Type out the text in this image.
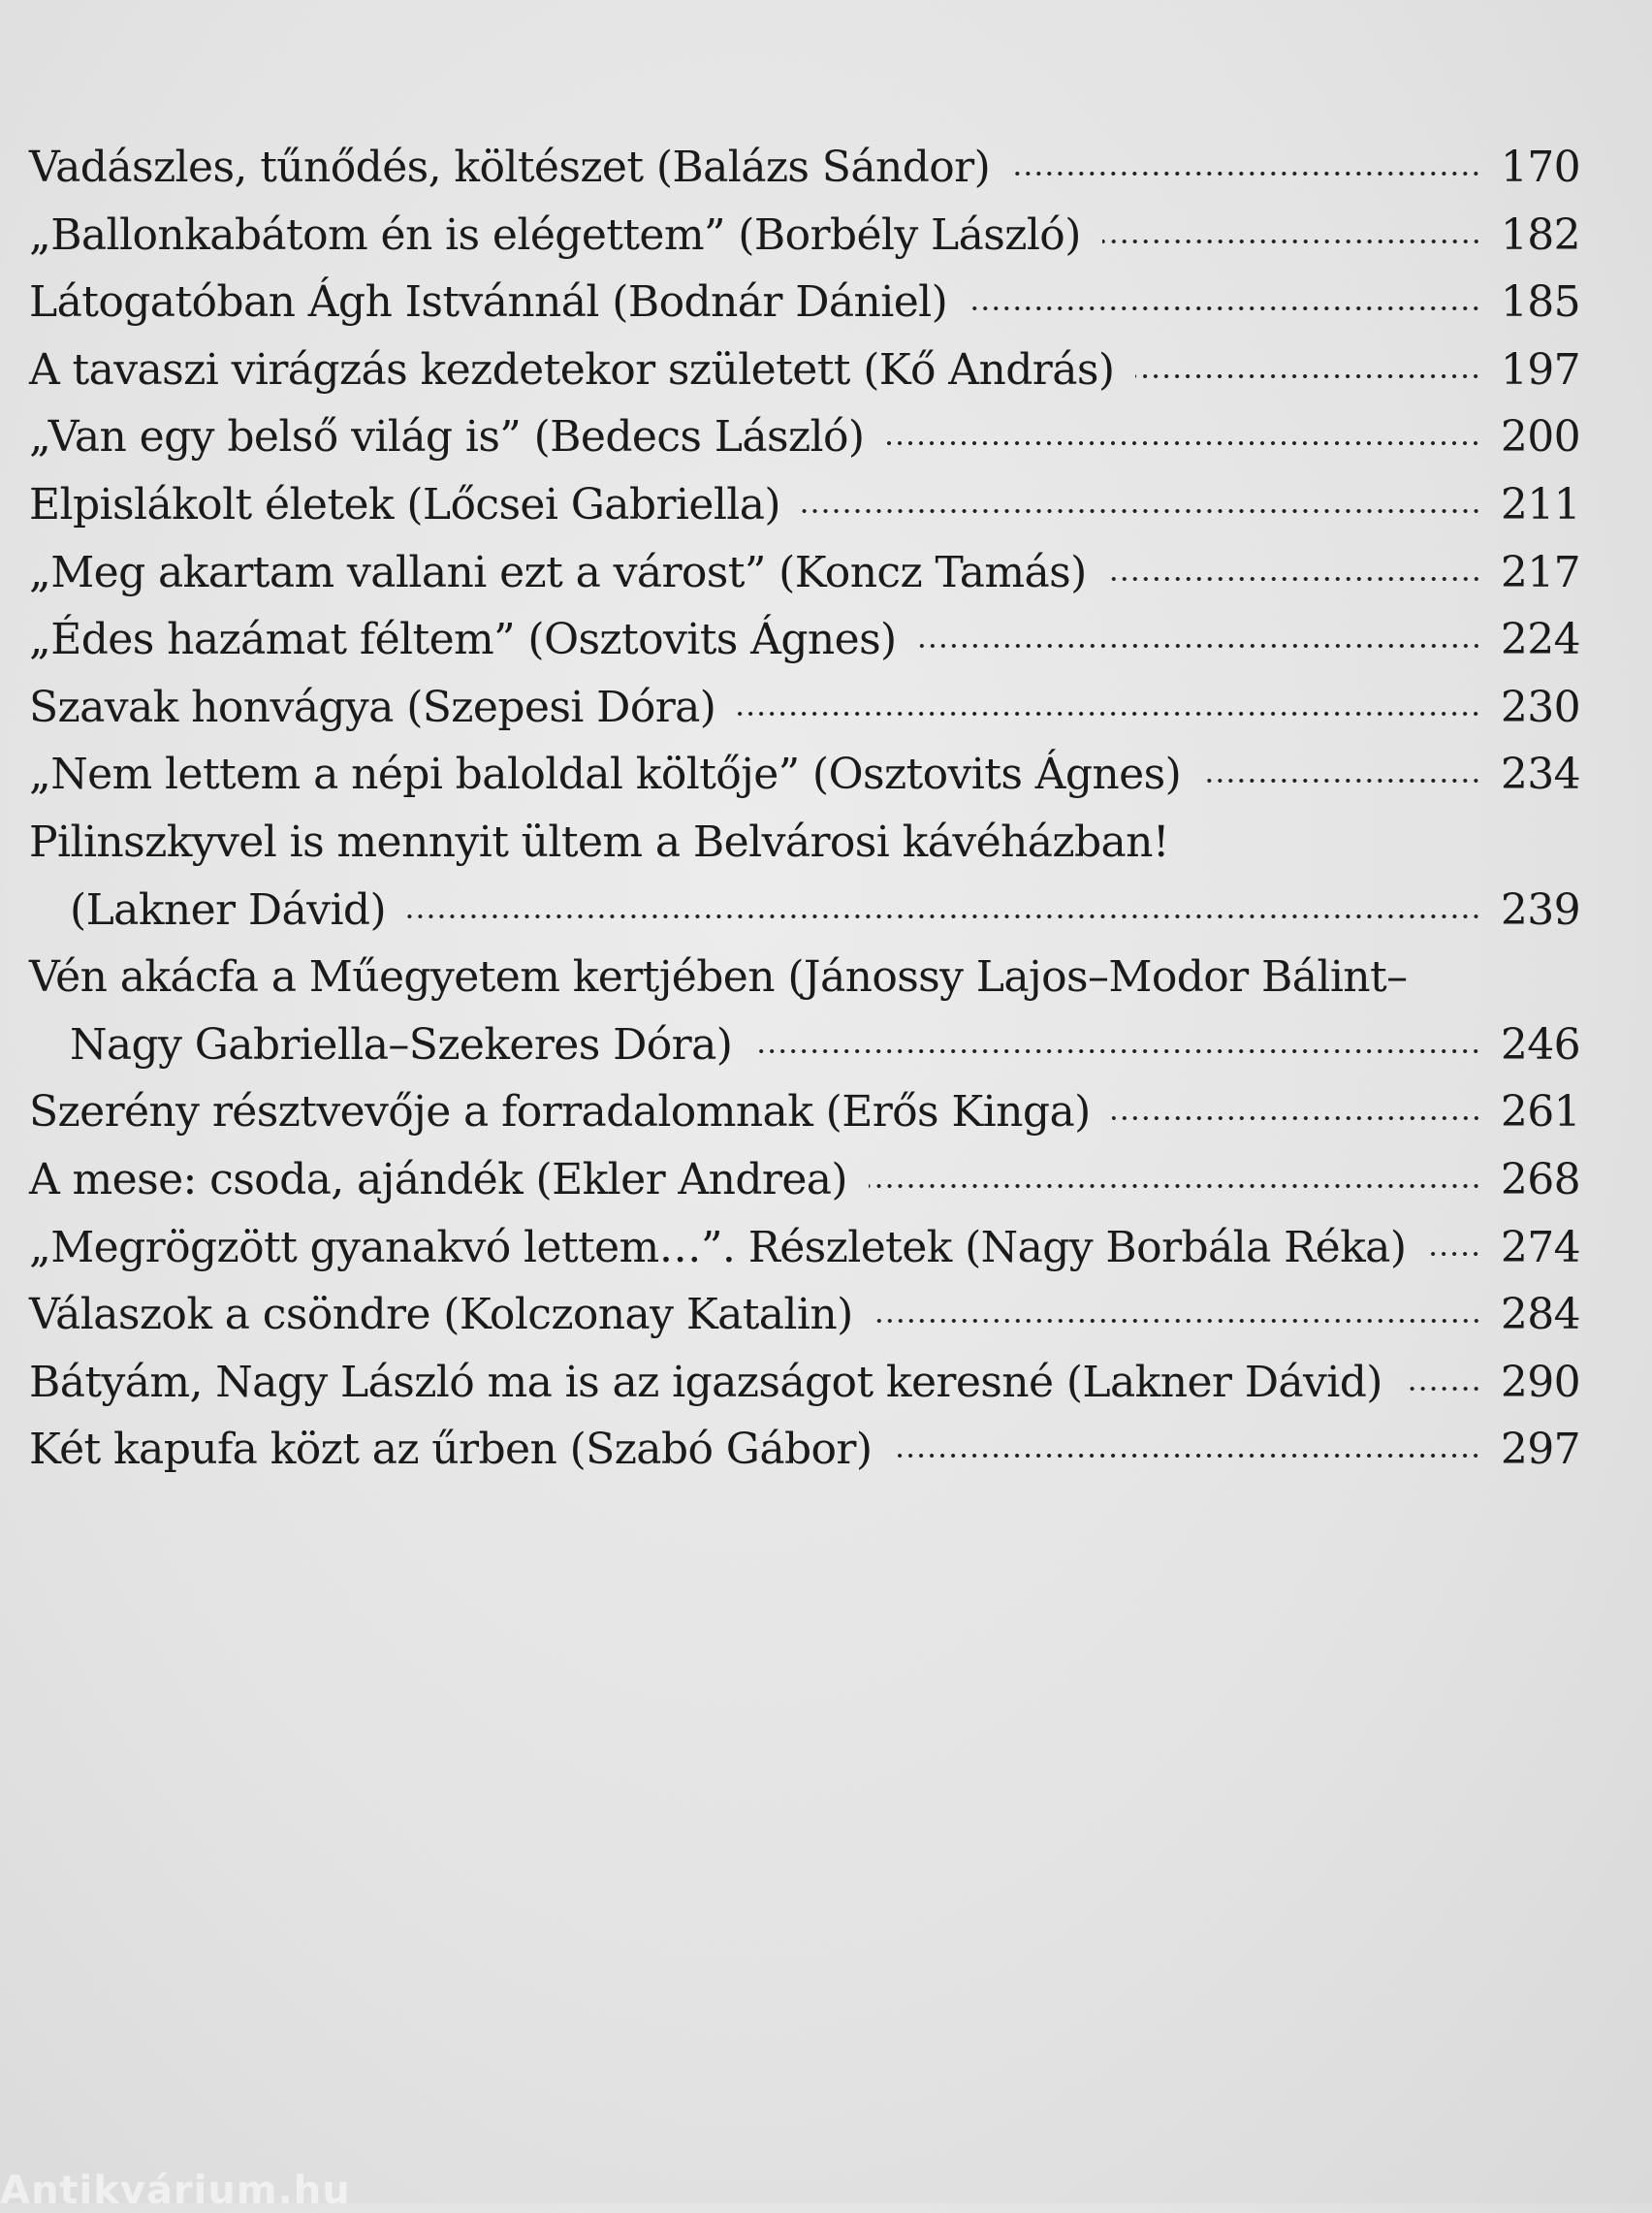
Vadászles, tűnődés, költészet (Balázs Sándor)	170
„Ballonkabátom én is elégettem” (Borbély László)	182
Látogatóban Ágh Istvánnál (Bodnár Dániel)	185
A tavaszi virágzás kezdetekor született (Kő András)	197
„Van egy belső világ is” (Bedecs László)	200
Elpislákolt életek (Lőcsei Gabriella)	211
„Meg akartam vallani ezt a várost” (Koncz Tamás)	217
„Édes hazámat féltem” (Osztovits Ágnes)	224
Szavak honvágya (Szepesi Dóra)	230
„Nem lettem a népi baloldal költője” (Osztovits Ágnes)	234
Pilinszkyvel is mennyit ültem a Belvárosi kávéházban!
(Lakner Dávid)	239
Vén akácfa a Műegyetem kertjében (Jánossy Lajos–Modor Bálint–
Nagy Gabriella–Szekeres Dóra)	246
Szerény résztvevője a forradalomnak (Erős Kinga)	261
A mese: csoda, ajándék (Ekler Andrea)	268
„Megrögzött gyanakvó lettem…”. Részletek (Nagy Borbála Réka) 274
Válaszok a csöndre (Kolczonay Katalin)	284
Bátyám, Nagy László ma is az igazságot keresné (Lakner Dávid)	290
Két kapufa közt az űrben (Szabó Gábor)	297
Antikvárium.hu
